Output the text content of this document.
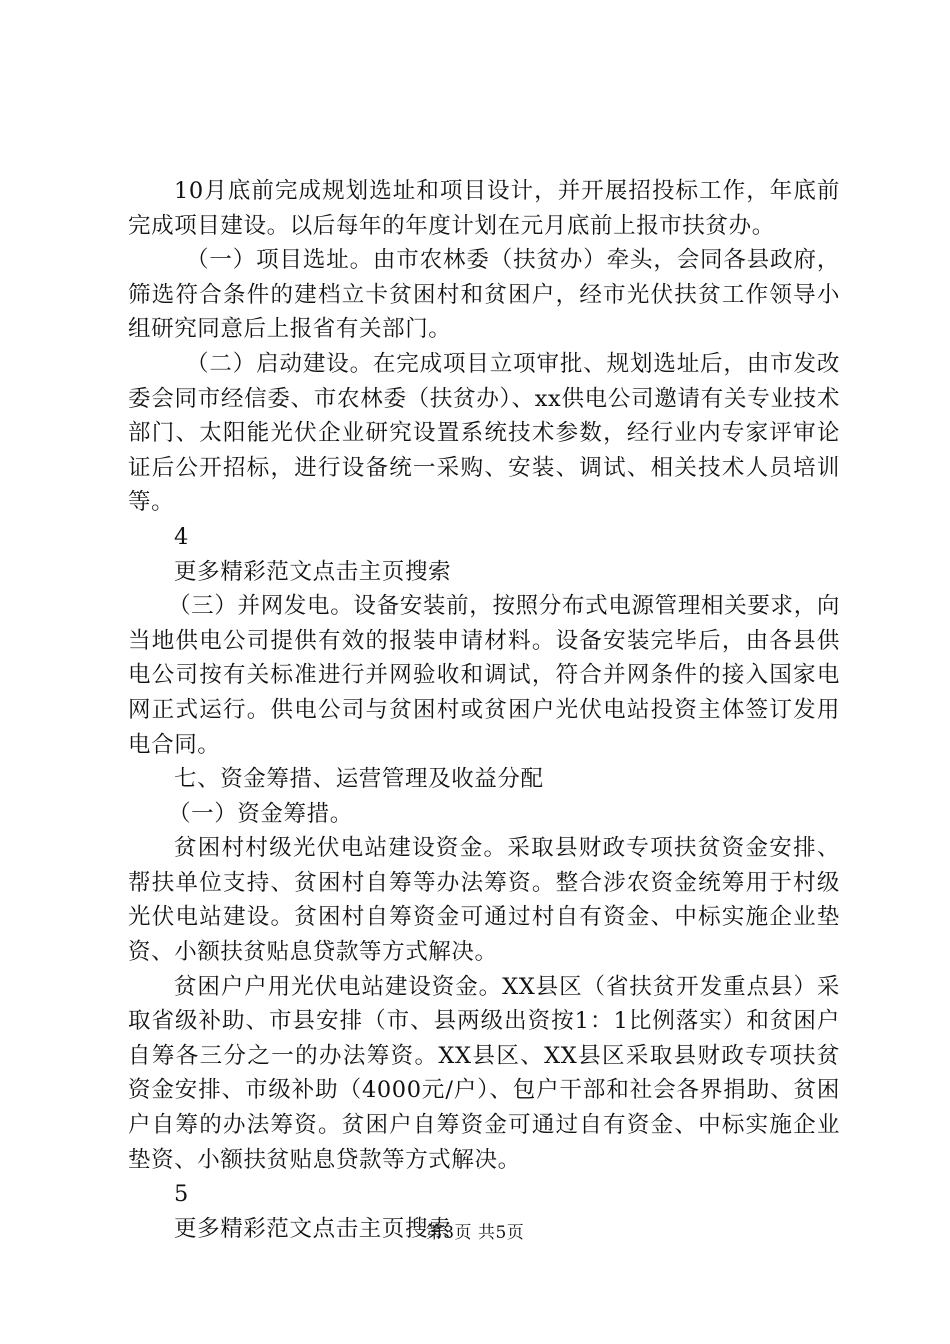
10月底前完成规划选址和项目设计，并开展招投标工作，年底前完成项目建设。以后每年的年度计划在元月底前上报市扶贫办。

（一）项目选址。由市农林委（扶贫办）牵头，会同各县政府，筛选符合条件的建档立卡贫困村和贫困户，经市光伏扶贫工作领导小组研究同意后上报省有关部门。

（二）启动建设。在完成项目立项审批、规划选址后，由市发改委会同市经信委、市农林委（扶贫办）、xx供电公司邀请有关专业技术部门、太阳能光伏企业研究设置系统技术参数，经行业内专家评审论证后公开招标，进行设备统一采购、安装、调试、相关技术人员培训等。

4

更多精彩范文点击主页搜索

（三）并网发电。设备安装前，按照分布式电源管理相关要求，向当地供电公司提供有效的报装申请材料。设备安装完毕后，由各县供电公司按有关标准进行并网验收和调试，符合并网条件的接入国家电网正式运行。供电公司与贫困村或贫困户光伏电站投资主体签订发用电合同。

七、资金筹措、运营管理及收益分配

（一）资金筹措。

贫困村村级光伏电站建设资金。采取县财政专项扶贫资金安排、帮扶单位支持、贫困村自筹等办法筹资。整合涉农资金统筹用于村级光伏电站建设。贫困村自筹资金可通过村自有资金、中标实施企业垫资、小额扶贫贴息贷款等方式解决。

贫困户户用光伏电站建设资金。XX县区（省扶贫开发重点县）采取省级补助、市县安排（市、县两级出资按1：1比例落实）和贫困户自筹各三分之一的办法筹资。XX县区、XX县区采取县财政专项扶贫资金安排、市级补助（4000元/户）、包户干部和社会各界捐助、贫困户自筹的办法筹资。贫困户自筹资金可通过自有资金、中标实施企业垫资、小额扶贫贴息贷款等方式解决。

5

更多精彩范文点击主页搜索

第3页 共5页
